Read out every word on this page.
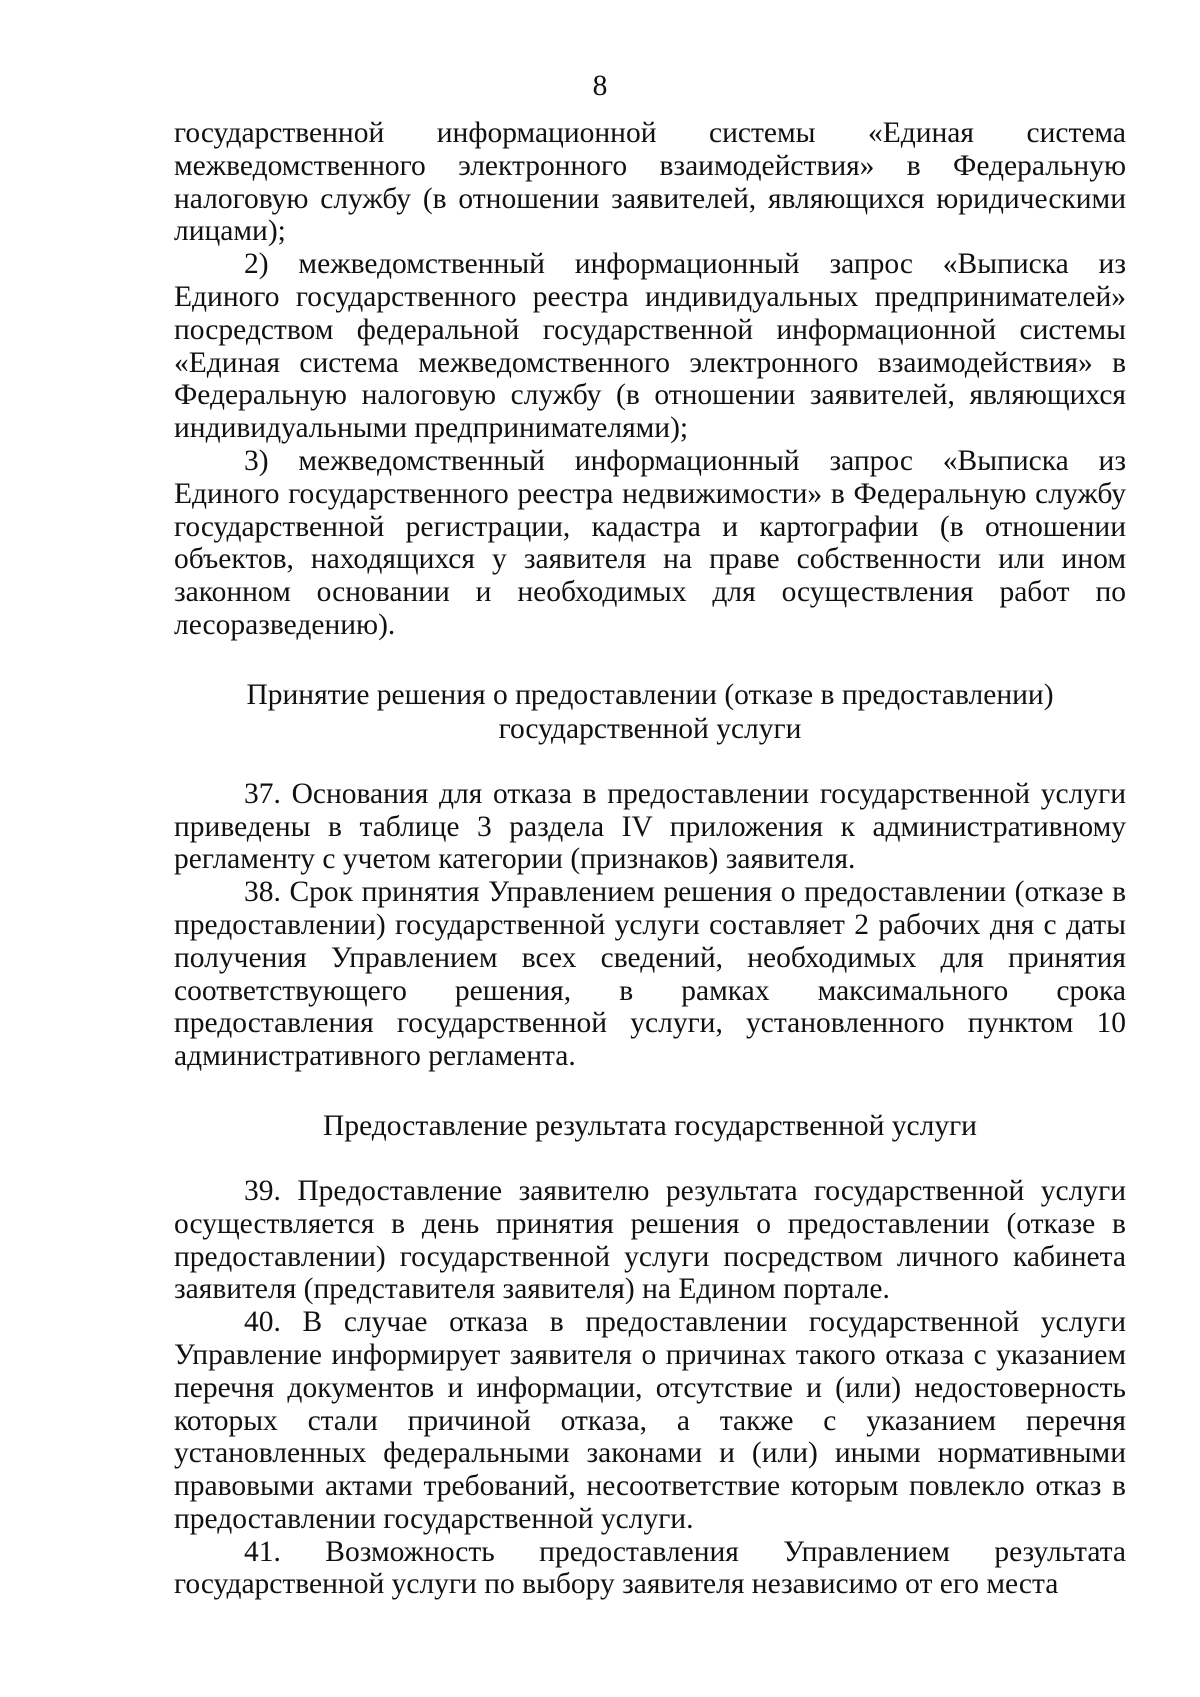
8

государственной информационной системы «Единая система межведомственного электронного взаимодействия» в Федеральную налоговую службу (в отношении заявителей, являющихся юридическими лицами);

2) межведомственный информационный запрос «Выписка из Единого государственного реестра индивидуальных предпринимателей» посредством федеральной государственной информационной системы «Единая система межведомственного электронного взаимодействия» в Федеральную налоговую службу (в отношении заявителей, являющихся индивидуальными предпринимателями);

3) межведомственный информационный запрос «Выписка из Единого государственного реестра недвижимости» в Федеральную службу государственной регистрации, кадастра и картографии (в отношении объектов, находящихся у заявителя на праве собственности или ином законном основании и необходимых для осуществления работ по лесоразведению).

Принятие решения о предоставлении (отказе в предоставлении)
государственной услуги

37. Основания для отказа в предоставлении государственной услуги приведены в таблице 3 раздела IV приложения к административному регламенту с учетом категории (признаков) заявителя.

38. Срок принятия Управлением решения о предоставлении (отказе в предоставлении) государственной услуги составляет 2 рабочих дня с даты получения Управлением всех сведений, необходимых для принятия соответствующего решения, в рамках максимального срока предоставления государственной услуги, установленного пунктом 10 административного регламента.

Предоставление результата государственной услуги

39. Предоставление заявителю результата государственной услуги осуществляется в день принятия решения о предоставлении (отказе в предоставлении) государственной услуги посредством личного кабинета заявителя (представителя заявителя) на Едином портале.

40. В случае отказа в предоставлении государственной услуги Управление информирует заявителя о причинах такого отказа с указанием перечня документов и информации, отсутствие и (или) недостоверность которых стали причиной отказа, а также с указанием перечня установленных федеральными законами и (или) иными нормативными правовыми актами требований, несоответствие которым повлекло отказ в предоставлении государственной услуги.

41. Возможность предоставления Управлением результата государственной услуги по выбору заявителя независимо от его места
